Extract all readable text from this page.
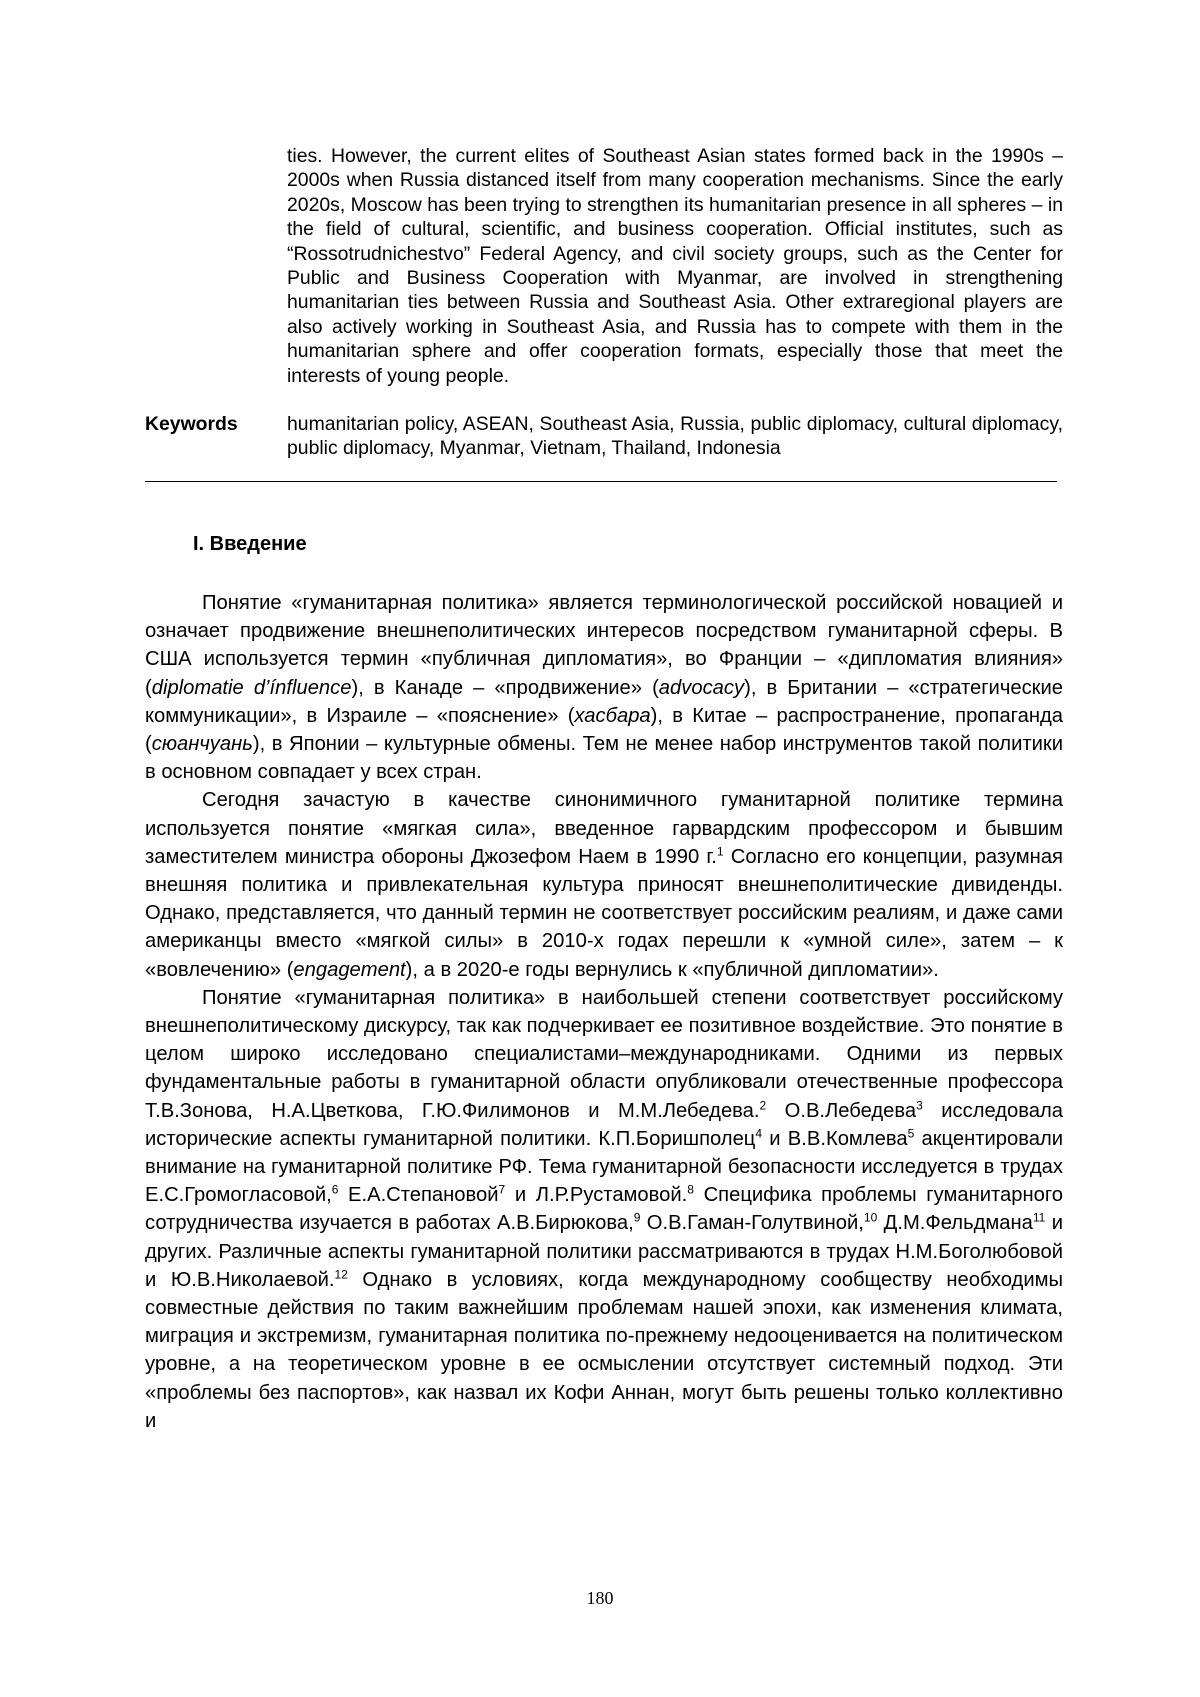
ties. However, the current elites of Southeast Asian states formed back in the 1990s – 2000s when Russia distanced itself from many cooperation mechanisms. Since the early 2020s, Moscow has been trying to strengthen its humanitarian presence in all spheres – in the field of cultural, scientific, and business cooperation. Official institutes, such as “Rossotrudnichestvo” Federal Agency, and civil society groups, such as the Center for Public and Business Cooperation with Myanmar, are involved in strengthening humanitarian ties between Russia and Southeast Asia. Other extraregional players are also actively working in Southeast Asia, and Russia has to compete with them in the humanitarian sphere and offer cooperation formats, especially those that meet the interests of young people.
Keywords	humanitarian policy, ASEAN, Southeast Asia, Russia, public diplomacy, cultural diplomacy, public diplomacy, Myanmar, Vietnam, Thailand, Indonesia
I. Введение

Понятие «гуманитарная политика» является терминологической российской новацией и означает продвижение внешнеполитических интересов посредством гуманитарной сферы. В США используется термин «публичная дипломатия», во Франции – «дипломатия влияния» (diplomatie d’ínfluence), в Канаде – «продвижение» (advocacy), в Британии – «стратегические коммуникации», в Израиле – «пояснение» (хасбара), в Китае – распространение, пропаганда (сюанчуань), в Японии – культурные обмены. Тем не менее набор инструментов такой политики в основном совпадает у всех стран.

Сегодня зачастую в качестве синонимичного гуманитарной политике термина используется понятие «мягкая сила», введенное гарвардским профессором и бывшим заместителем министра обороны Джозефом Наем в 1990 г.$^1$ Согласно его концепции, разумная внешняя политика и привлекательная культура приносят внешнеполитические дивиденды. Однако, представляется, что данный термин не соответствует российским реалиям, и даже сами американцы вместо «мягкой силы» в 2010-х годах перешли к «умной силе», затем – к «вовлечению» (engagement), а в 2020-е годы вернулись к «публичной дипломатии».

Понятие «гуманитарная политика» в наибольшей степени соответствует российскому внешнеполитическому дискурсу, так как подчеркивает ее позитивное воздействие. Это понятие в целом широко исследовано специалистами–международниками. Одними из первых фундаментальные работы в гуманитарной области опубликовали отечественные профессора Т.В.Зонова, Н.А.Цветкова, Г.Ю.Филимонов и М.М.Лебедева.$^2$ О.В.Лебедева$^3$ исследовала исторические аспекты гуманитарной политики. К.П.Боришполец$^4$ и В.В.Комлева$^5$ акцентировали внимание на гуманитарной политике РФ. Тема гуманитарной безопасности исследуется в трудах Е.С.Громогласовой,$^6$ Е.А.Степановой$^7$ и Л.Р.Рустамовой.$^8$ Специфика проблемы гуманитарного сотрудничества изучается в работах А.В.Бирюкова,$^9$ О.В.Гаман-Голутвиной,$^{10}$ Д.М.Фельдмана$^{11}$ и других. Различные аспекты гуманитарной политики рассматриваются в трудах Н.М.Боголюбовой и Ю.В.Николаевой.$^{12}$ Однако в условиях, когда международному сообществу необходимы совместные действия по таким важнейшим проблемам нашей эпохи, как изменения климата, миграция и экстремизм, гуманитарная политика по-прежнему недооценивается на политическом уровне, а на теоретическом уровне в ее осмыслении отсутствует системный подход. Эти «проблемы без паспортов», как назвал их Кофи Аннан, могут быть решены только коллективно и

180
